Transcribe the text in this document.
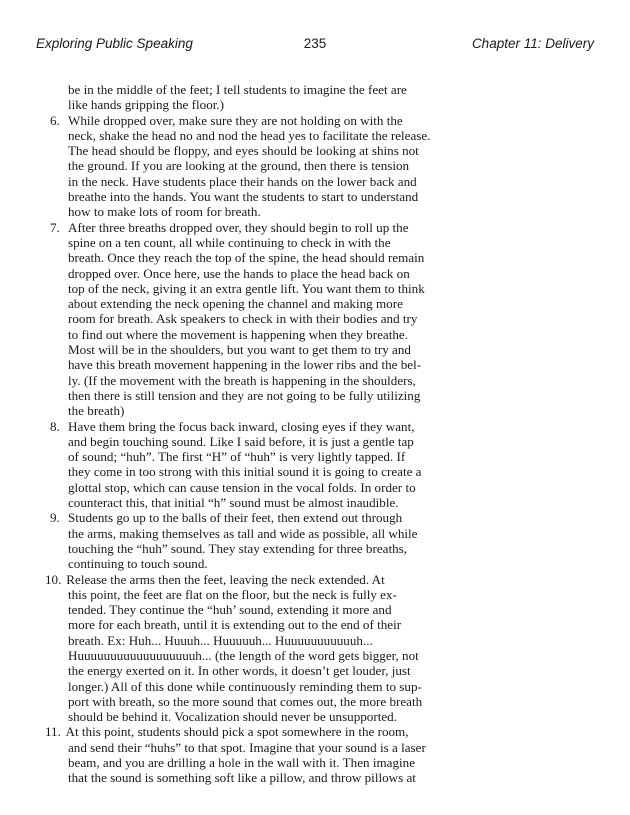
Exploring Public Speaking	235	Chapter 11: Delivery
be in the middle of the feet; I tell students to imagine the feet are
like hands gripping the floor.)
6. While dropped over, make sure they are not holding on with the
neck, shake the head no and nod the head yes to facilitate the release.
The head should be floppy, and eyes should be looking at shins not
the ground. If you are looking at the ground, then there is tension
in the neck. Have students place their hands on the lower back and
breathe into the hands. You want the students to start to understand
how to make lots of room for breath.
7. After three breaths dropped over, they should begin to roll up the
spine on a ten count, all while continuing to check in with the
breath. Once they reach the top of the spine, the head should remain
dropped over. Once here, use the hands to place the head back on
top of the neck, giving it an extra gentle lift. You want them to think
about extending the neck opening the channel and making more
room for breath. Ask speakers to check in with their bodies and try
to find out where the movement is happening when they breathe.
Most will be in the shoulders, but you want to get them to try and
have this breath movement happening in the lower ribs and the bel-
ly. (If the movement with the breath is happening in the shoulders,
then there is still tension and they are not going to be fully utilizing
the breath)
8. Have them bring the focus back inward, closing eyes if they want,
and begin touching sound. Like I said before, it is just a gentle tap
of sound; “huh”. The first “H” of “huh” is very lightly tapped. If
they come in too strong with this initial sound it is going to create a
glottal stop, which can cause tension in the vocal folds. In order to
counteract this, that initial “h” sound must be almost inaudible.
9. Students go up to the balls of their feet, then extend out through
the arms, making themselves as tall and wide as possible, all while
touching the “huh” sound. They stay extending for three breaths,
continuing to touch sound.
10. Release the arms then the feet, leaving the neck extended. At
this point, the feet are flat on the floor, but the neck is fully ex-
tended. They continue the “huh’ sound, extending it more and
more for each breath, until it is extending out to the end of their
breath. Ex: Huh... Huuuh... Huuuuuh... Huuuuuuuuuuuh...
Huuuuuuuuuuuuuuuuuuh... (the length of the word gets bigger, not
the energy exerted on it. In other words, it doesn’t get louder, just
longer.) All of this done while continuously reminding them to sup-
port with breath, so the more sound that comes out, the more breath
should be behind it. Vocalization should never be unsupported.
11. At this point, students should pick a spot somewhere in the room,
and send their “huhs” to that spot. Imagine that your sound is a laser
beam, and you are drilling a hole in the wall with it. Then imagine
that the sound is something soft like a pillow, and throw pillows at
